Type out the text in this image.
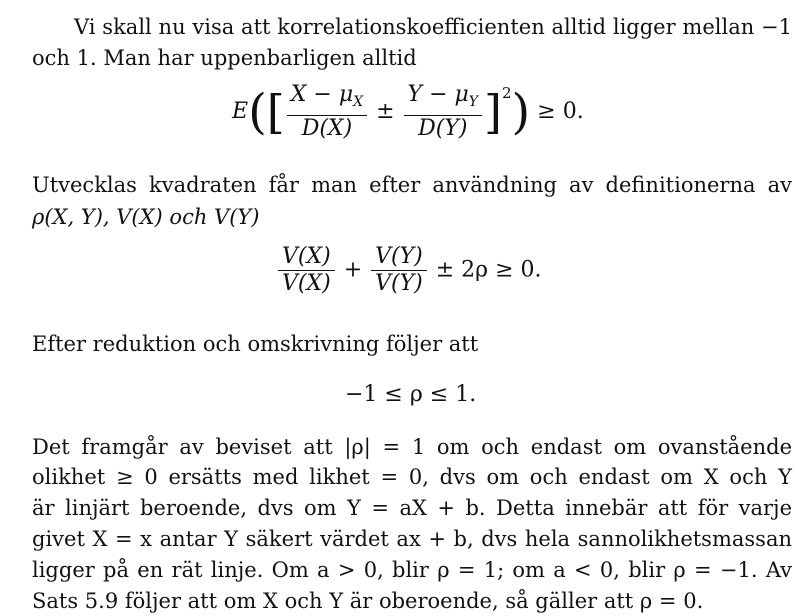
Vi skall nu visa att korrelationskoefficienten alltid ligger mellan −1
och 1. Man har uppenbarligen alltid
$E([ \frac{X - \mu_X}{D(X)} \pm \frac{Y - \mu_Y}{D(Y)} ]^2) \ge 0$.
Utvecklas kvadraten får man efter användning av definitionerna av
ρ(X, Y), V(X) och V(Y)
$\frac{V(X)}{V(X)} + \frac{V(Y)}{V(Y)} \pm 2\rho \ge 0$.
Efter reduktion och omskrivning följer att
−1 ≤ ρ ≤ 1.
Det framgår av beviset att |ρ| = 1 om och endast om ovanstående
olikhet ≥ 0 ersätts med likhet = 0, dvs om och endast om X och Y
är linjärt beroende, dvs om Y = aX + b. Detta innebär att för varje
givet X = x antar Y säkert värdet ax + b, dvs hela sannolikhetsmassan
ligger på en rät linje. Om a > 0, blir ρ = 1; om a < 0, blir ρ = −1. Av
Sats 5.9 följer att om X och Y är oberoende, så gäller att ρ = 0.
